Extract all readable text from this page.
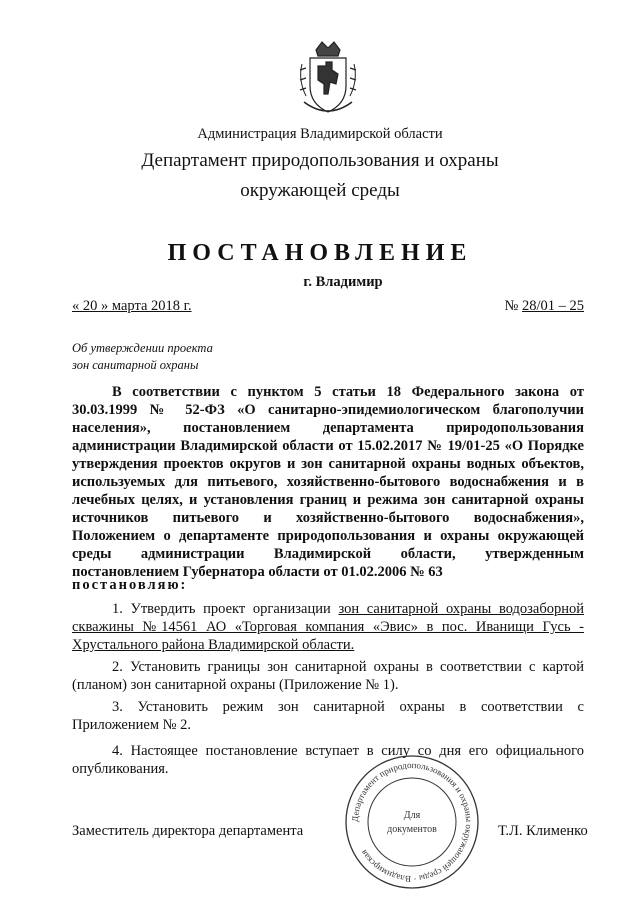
Администрация Владимирской области
Департамент природопользования и охраны
окружающей среды
ПОСТАНОВЛЕНИЕ
г. Владимир
« 20 » марта 2018 г.	№ 28/01 – 25
Об утверждении проекта
зон санитарной охраны
В соответствии с пунктом 5 статьи 18 Федерального закона от 30.03.1999 № 52-ФЗ «О санитарно-эпидемиологическом благополучии населения», постановлением департамента природопользования администрации Владимирской области от 15.02.2017 № 19/01-25 «О Порядке утверждения проектов округов и зон санитарной охраны водных объектов, используемых для питьевого, хозяйственно-бытового водоснабжения и в лечебных целях, и установления границ и режима зон санитарной охраны источников питьевого и хозяйственно-бытового водоснабжения», Положением о департаменте природопользования и охраны окружающей среды администрации Владимирской области, утвержденным постановлением Губернатора области от 01.02.2006 № 63
постановляю:
1. Утвердить проект организации зон санитарной охраны водозаборной скважины №14561 АО «Торговая компания «Эвис» в пос. Иванищи Гусь - Хрустального района Владимирской области.
2. Установить границы зон санитарной охраны в соответствии с картой (планом) зон санитарной охраны (Приложение № 1).
3. Установить режим зон санитарной охраны в соответствии с Приложением № 2.
4. Настоящее постановление вступает в силу со дня его официального опубликования.
Заместитель директора департамента	Т.Л. Клименко
Департамент природопользования и охраны окружающей среды · Владимирская
Для
документов
